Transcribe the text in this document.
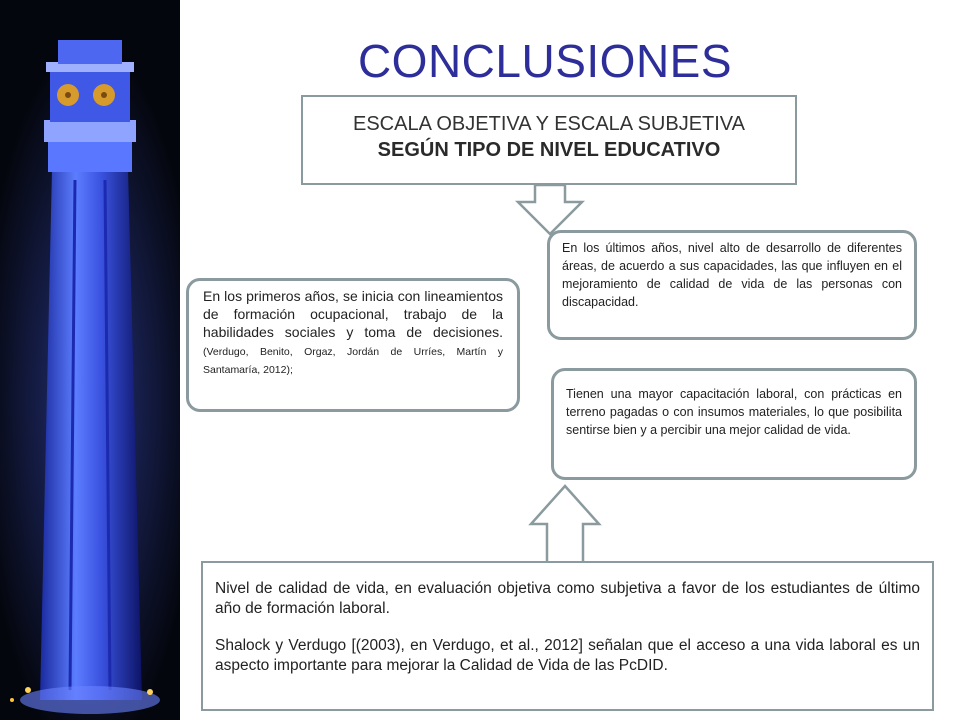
CONCLUSIONES
ESCALA OBJETIVA Y ESCALA SUBJETIVA
SEGÚN TIPO DE NIVEL EDUCATIVO
En los primeros años, se inicia con lineamientos de formación ocupacional, trabajo de la habilidades sociales y toma de decisiones. (Verdugo, Benito, Orgaz, Jordán de Urríes, Martín y Santamaría, 2012);
En los últimos años, nivel alto de desarrollo de diferentes áreas, de acuerdo a sus capacidades, las que influyen en el mejoramiento de calidad de vida de las personas con discapacidad.
Tienen una mayor capacitación laboral, con prácticas en terreno pagadas o con insumos materiales, lo que posibilita sentirse bien y a percibir una mejor calidad de vida.

Nivel de calidad de vida, en evaluación objetiva como subjetiva a favor de los estudiantes de último año de formación laboral.

Shalock y Verdugo [(2003), en Verdugo, et al., 2012] señalan que el acceso a una vida laboral es un aspecto importante para mejorar la Calidad de Vida de las PcDID.
